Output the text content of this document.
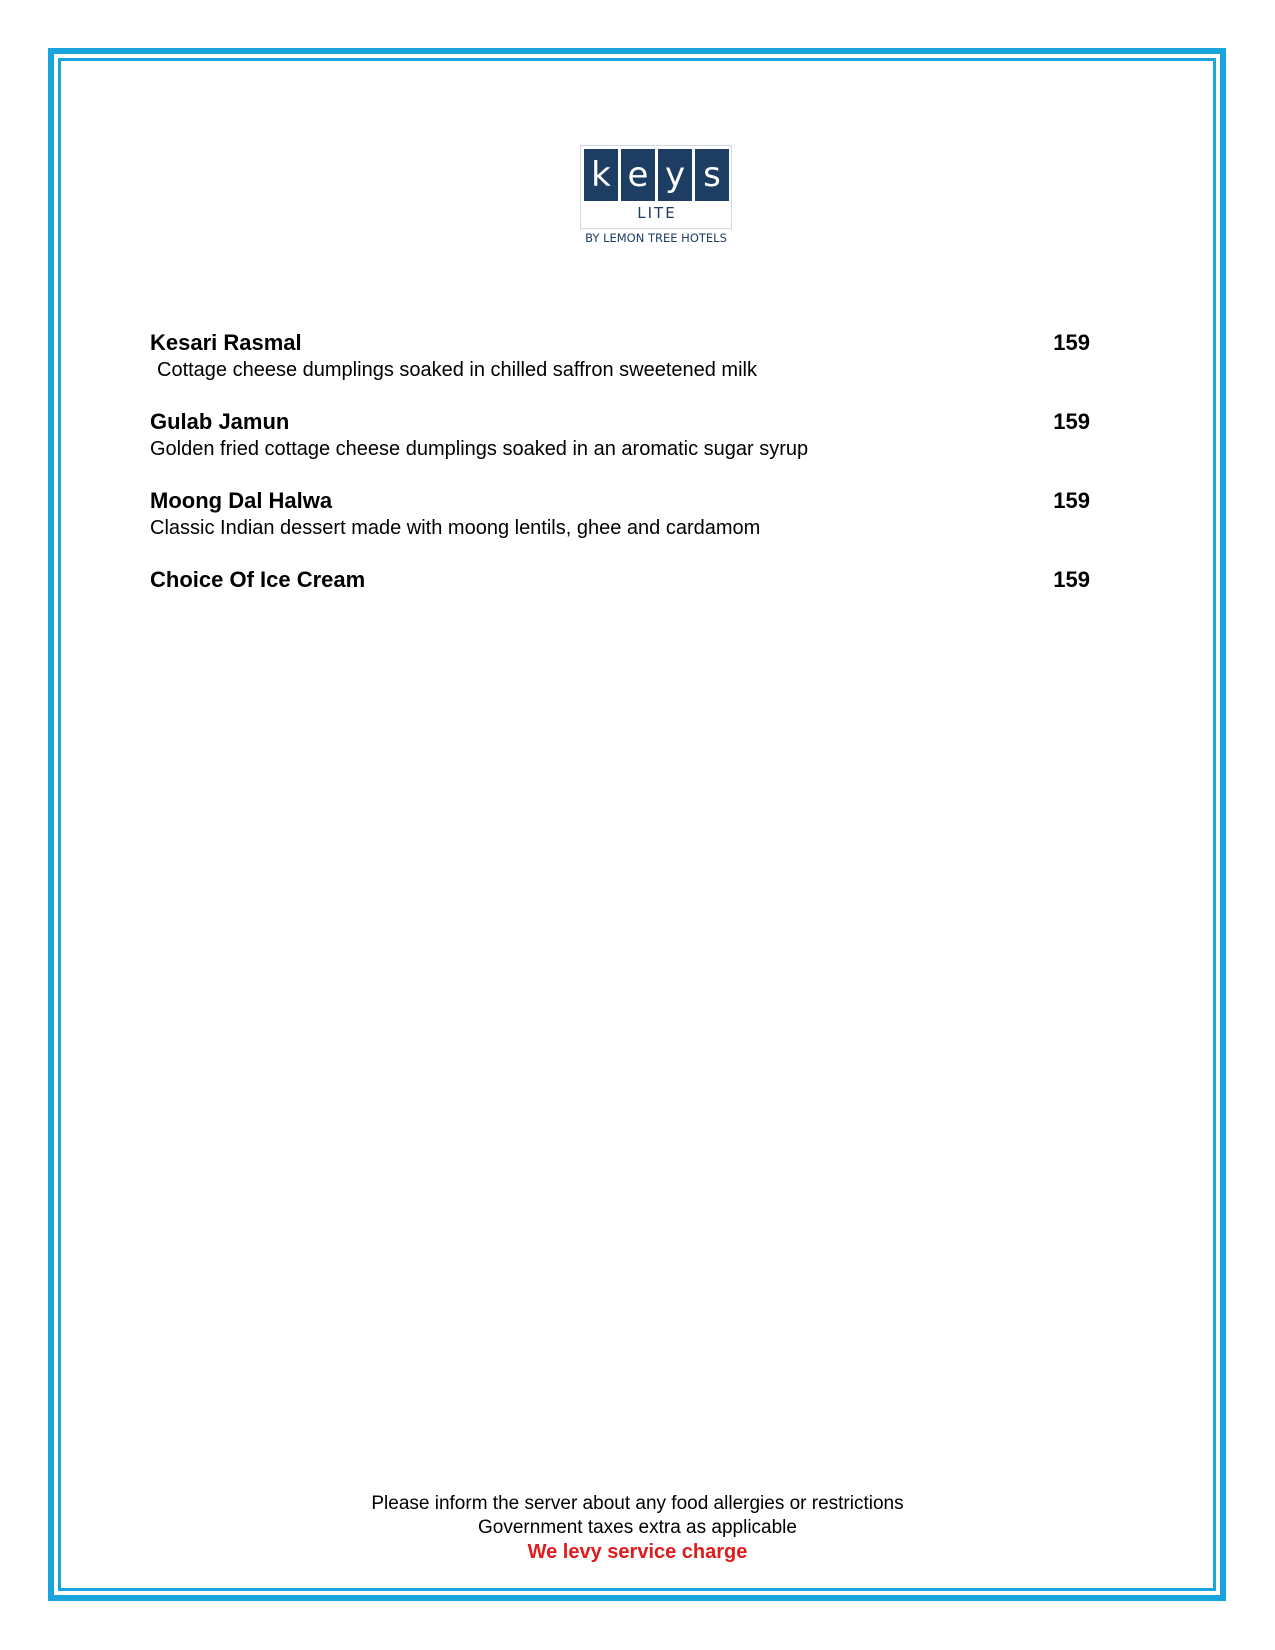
k e y s
LITE
BY LEMON TREE HOTELS
Kesari Rasmal	159
Cottage cheese dumplings soaked in chilled saffron sweetened milk
Gulab Jamun	159
Golden fried cottage cheese dumplings soaked in an aromatic sugar syrup
Moong Dal Halwa	159
Classic Indian dessert made with moong lentils, ghee and cardamom
Choice Of Ice Cream	159
Please inform the server about any food allergies or restrictions
Government taxes extra as applicable
We levy service charge
